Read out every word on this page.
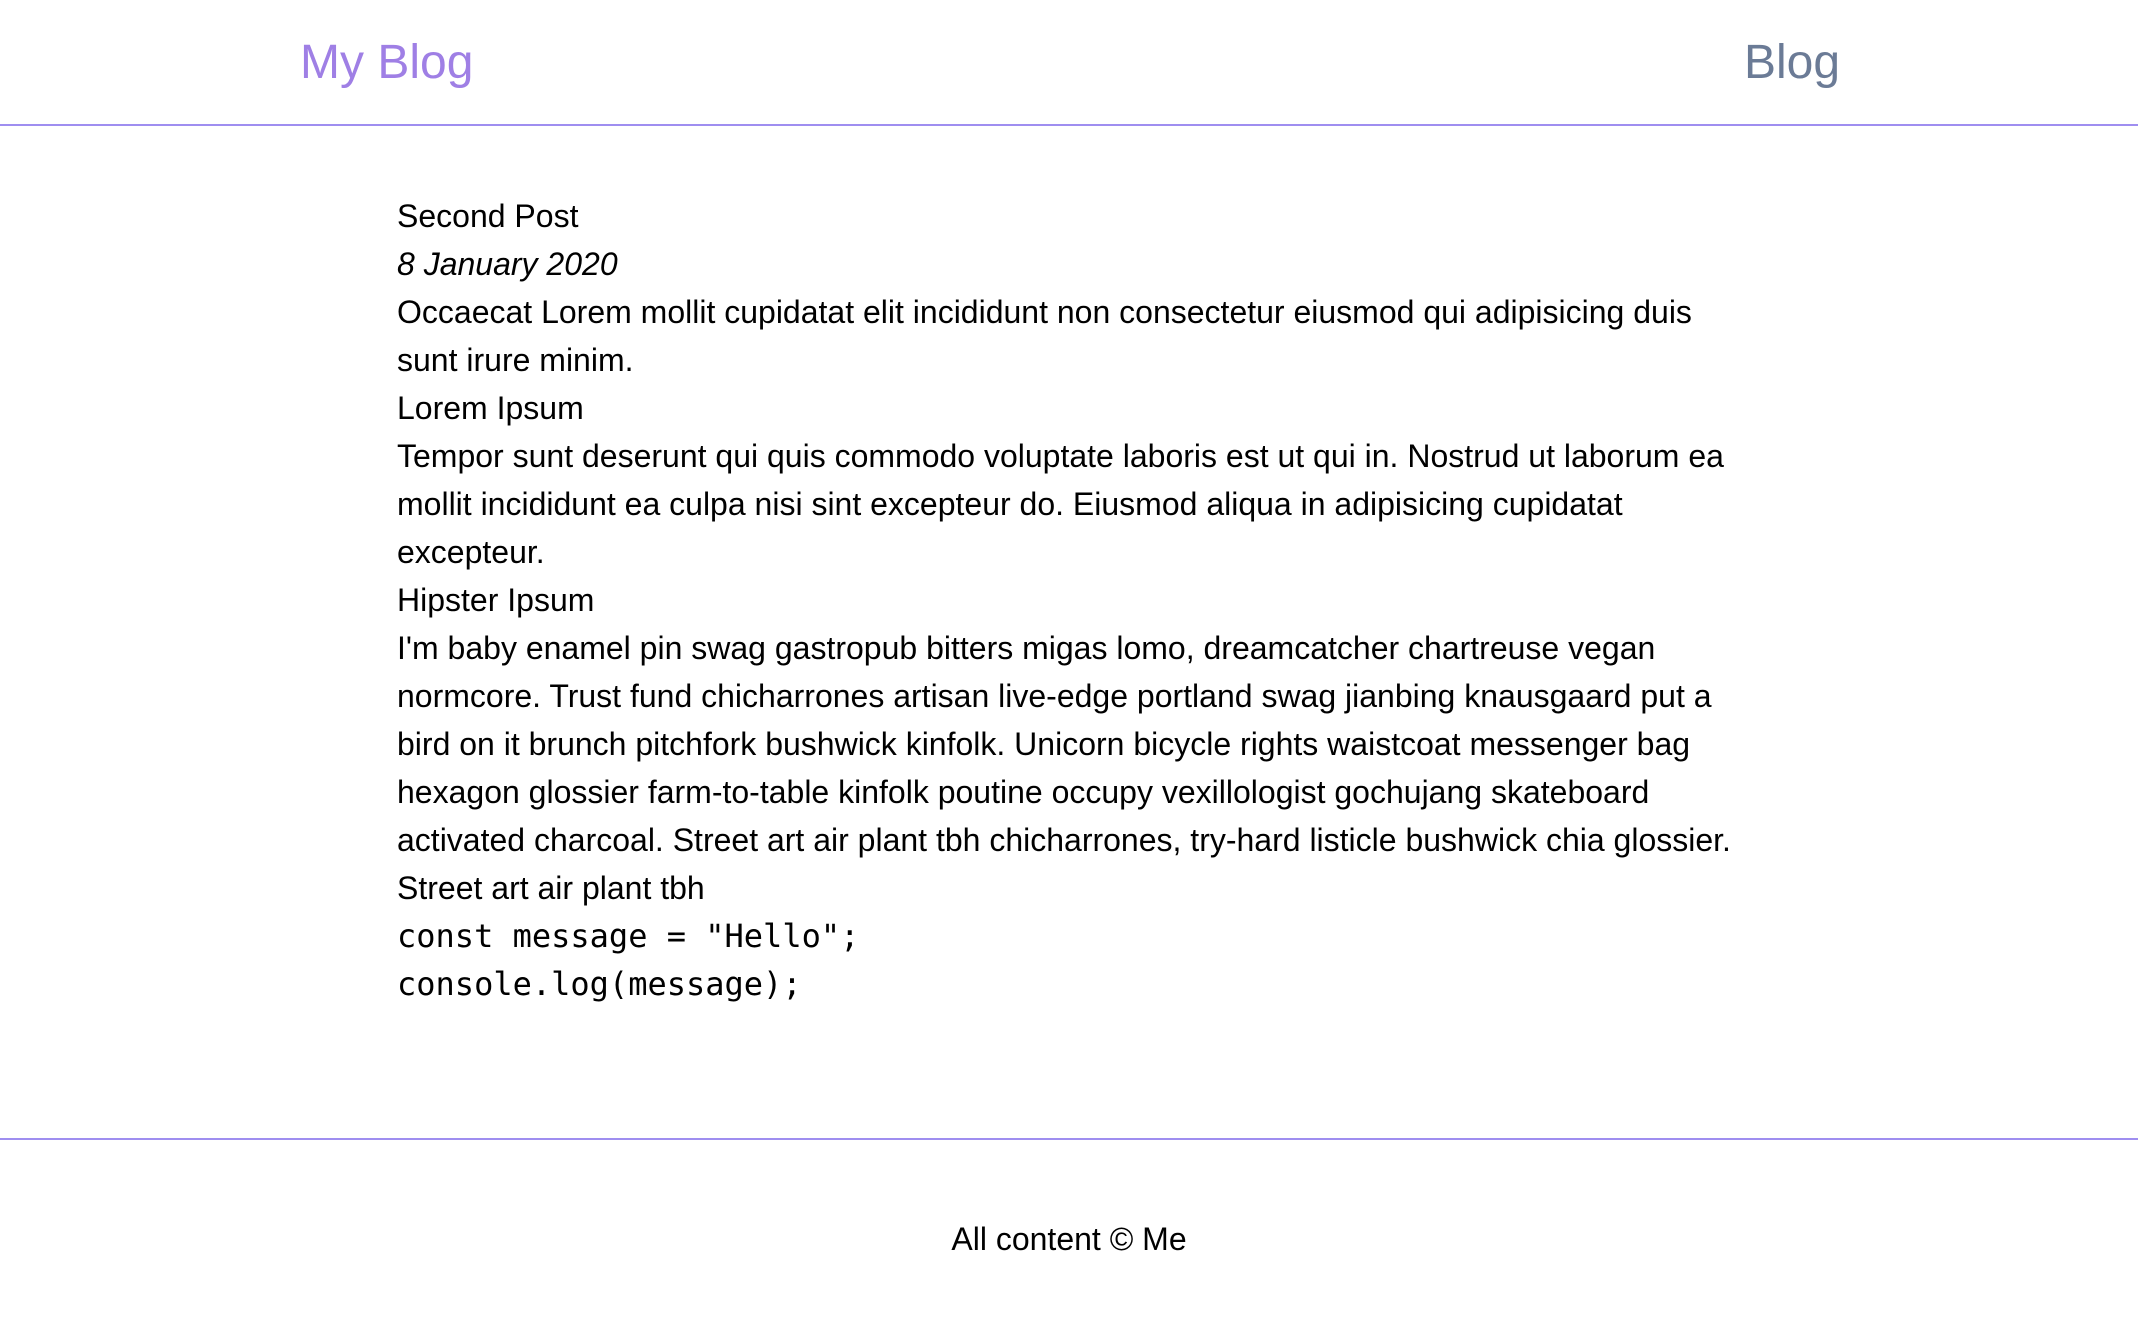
My Blog	Blog
Second Post

8 January 2020

Occaecat Lorem mollit cupidatat elit incididunt non consectetur eiusmod qui adipisicing duis sunt irure minim.

Lorem Ipsum

Tempor sunt deserunt qui quis commodo voluptate laboris est ut qui in. Nostrud ut laborum ea mollit incididunt ea culpa nisi sint excepteur do. Eiusmod aliqua in adipisicing cupidatat excepteur.

Hipster Ipsum

I'm baby enamel pin swag gastropub bitters migas lomo, dreamcatcher chartreuse vegan normcore. Trust fund chicharrones artisan live-edge portland swag jianbing knausgaard put a bird on it brunch pitchfork bushwick kinfolk. Unicorn bicycle rights waistcoat messenger bag hexagon glossier farm-to-table kinfolk poutine occupy vexillologist gochujang skateboard activated charcoal. Street art air plant tbh chicharrones, try-hard listicle bushwick chia glossier.

Street art air plant tbh
const message = "Hello";
console.log(message);
All content © Me
